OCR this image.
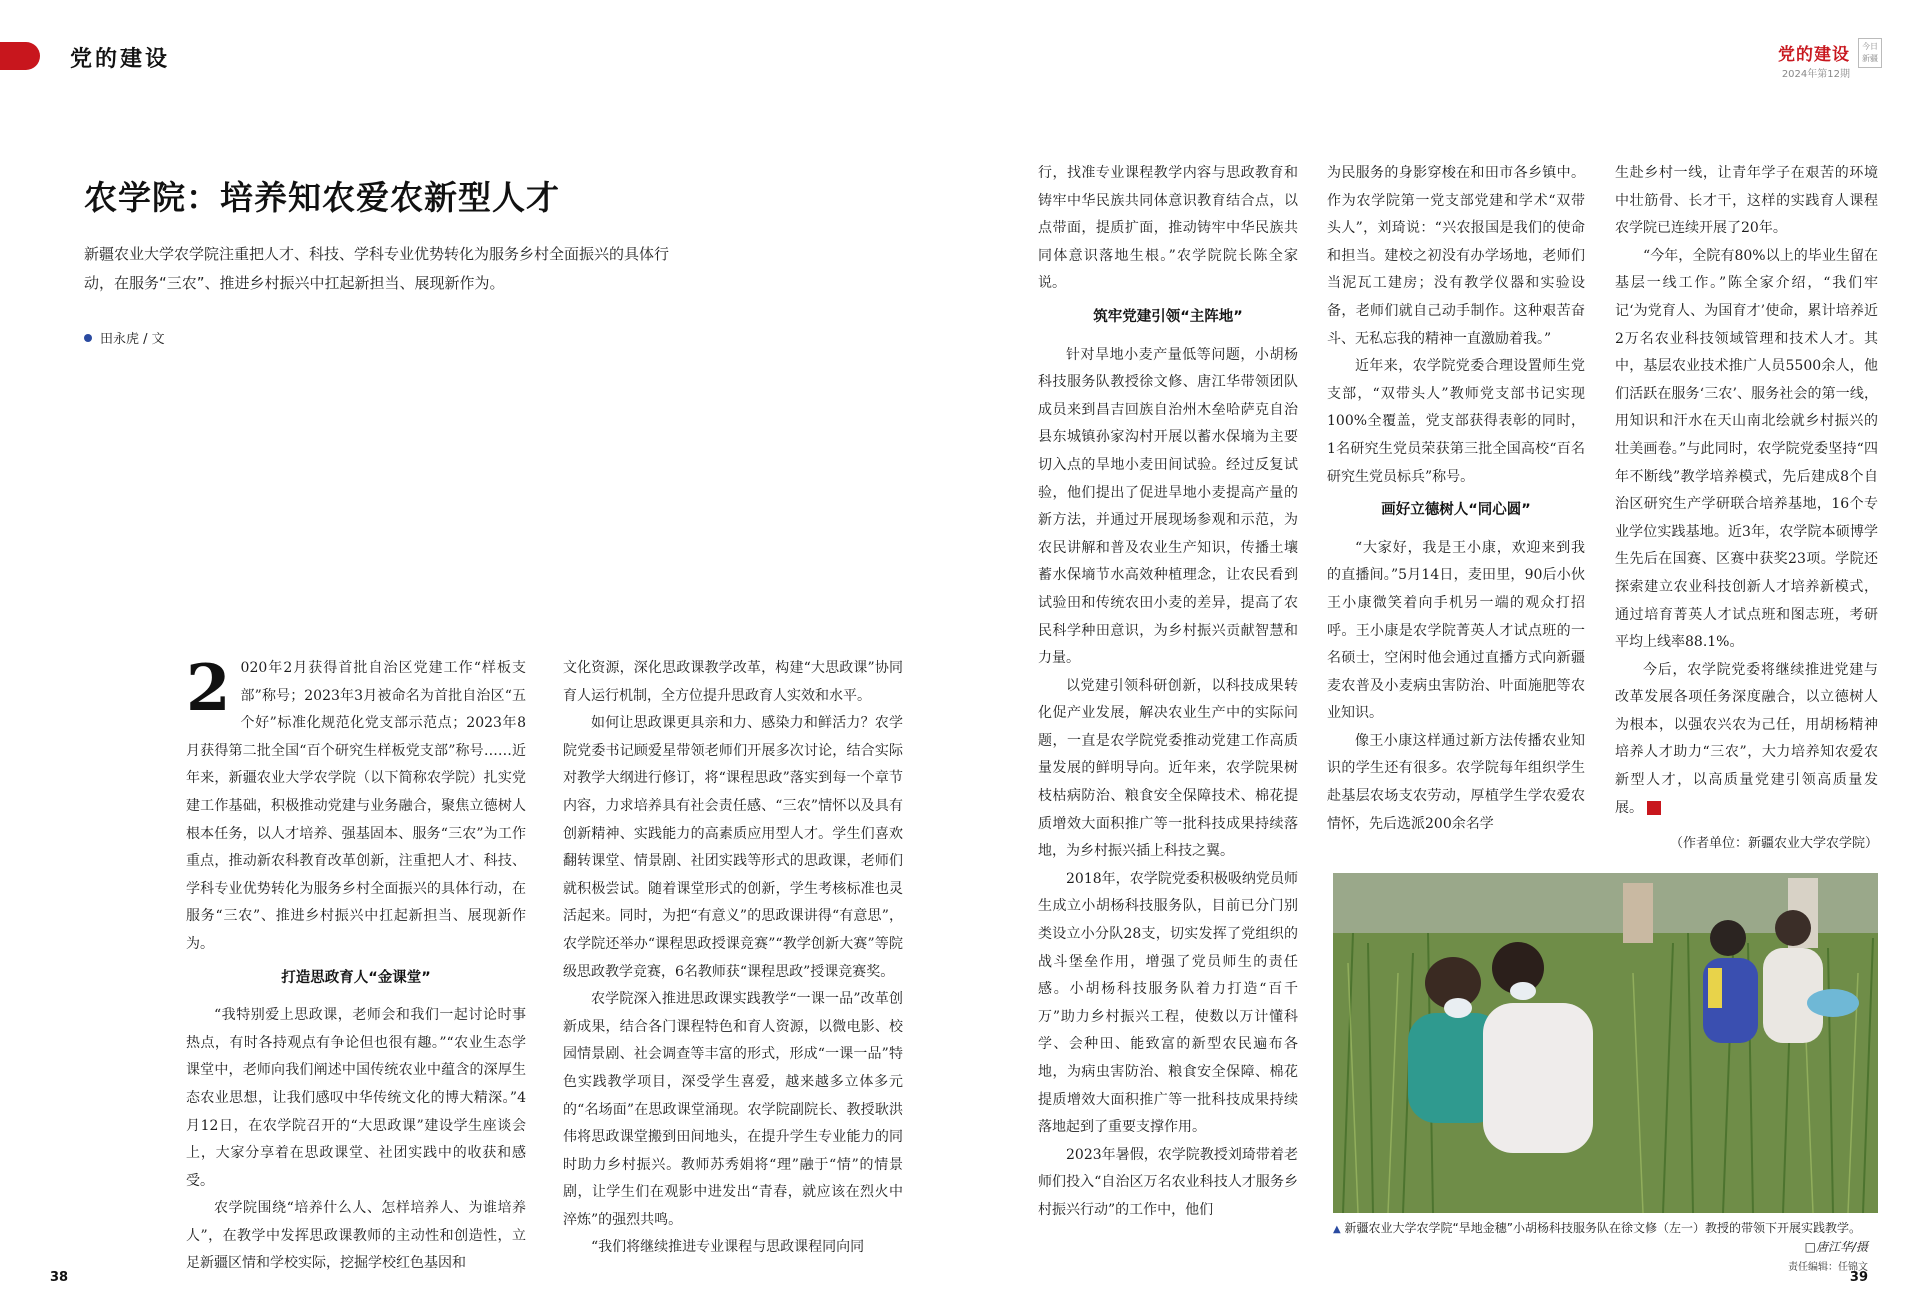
党的建设	党的建设
2024年第12期
今日新疆
农学院：培养知农爱农新型人才
新疆农业大学农学院注重把人才、科技、学科专业优势转化为服务乡村全面振兴的具体行动，在服务“三农”、推进乡村振兴中扛起新担当、展现新作为。
田永虎 / 文

2 020年2月获得首批自治区党建工作“样板支部”称号；2023年3月被命名为首批自治区“五个好”标准化规范化党支部示范点；2023年8月获得第二批全国“百个研究生样板党支部”称号……近年来，新疆农业大学农学院（以下简称农学院）扎实党建工作基础，积极推动党建与业务融合，聚焦立德树人根本任务，以人才培养、强基固本、服务“三农”为工作重点，推动新农科教育改革创新，注重把人才、科技、学科专业优势转化为服务乡村全面振兴的具体行动，在服务“三农”、推进乡村振兴中扛起新担当、展现新作为。

打造思政育人“金课堂”

“我特别爱上思政课，老师会和我们一起讨论时事热点，有时各持观点有争论但也很有趣。”“农业生态学课堂中，老师向我们阐述中国传统农业中蕴含的深厚生态农业思想，让我们感叹中华传统文化的博大精深。”4月12日，在农学院召开的“大思政课”建设学生座谈会上，大家分享着在思政课堂、社团实践中的收获和感受。

农学院围绕“培养什么人、怎样培养人、为谁培养人”，在教学中发挥思政课教师的主动性和创造性，立足新疆区情和学校实际，挖掘学校红色基因和

文化资源，深化思政课教学改革，构建“大思政课”协同育人运行机制，全方位提升思政育人实效和水平。

如何让思政课更具亲和力、感染力和鲜活力？农学院党委书记顾爱星带领老师们开展多次讨论，结合实际对教学大纲进行修订，将“课程思政”落实到每一个章节内容，力求培养具有社会责任感、“三农”情怀以及具有创新精神、实践能力的高素质应用型人才。学生们喜欢翻转课堂、情景剧、社团实践等形式的思政课，老师们就积极尝试。随着课堂形式的创新，学生考核标准也灵活起来。同时，为把“有意义”的思政课讲得“有意思”，农学院还举办“课程思政授课竞赛”“教学创新大赛”等院级思政教学竞赛，6名教师获“课程思政”授课竞赛奖。

农学院深入推进思政课实践教学“一课一品”改革创新成果，结合各门课程特色和育人资源，以微电影、校园情景剧、社会调查等丰富的形式，形成“一课一品”特色实践教学项目，深受学生喜爱，越来越多立体多元的“名场面”在思政课堂涌现。农学院副院长、教授耿洪伟将思政课堂搬到田间地头，在提升学生专业能力的同时助力乡村振兴。教师苏秀娟将“理”融于“情”的情景剧，让学生们在观影中进发出“青春，就应该在烈火中淬炼”的强烈共鸣。

“我们将继续推进专业课程与思政课程同向同

行，找准专业课程教学内容与思政教育和铸牢中华民族共同体意识教育结合点，以点带面，提质扩面，推动铸牢中华民族共同体意识落地生根。”农学院院长陈全家说。

筑牢党建引领“主阵地”

针对旱地小麦产量低等问题，小胡杨科技服务队教授徐文修、唐江华带领团队成员来到昌吉回族自治州木垒哈萨克自治县东城镇孙家沟村开展以蓄水保墒为主要切入点的旱地小麦田间试验。经过反复试验，他们提出了促进旱地小麦提高产量的新方法，并通过开展现场参观和示范，为农民讲解和普及农业生产知识，传播土壤蓄水保墒节水高效种植理念，让农民看到试验田和传统农田小麦的差异，提高了农民科学种田意识，为乡村振兴贡献智慧和力量。

以党建引领科研创新，以科技成果转化促产业发展，解决农业生产中的实际问题，一直是农学院党委推动党建工作高质量发展的鲜明导向。近年来，农学院果树枝枯病防治、粮食安全保障技术、棉花提质增效大面积推广等一批科技成果持续落地，为乡村振兴插上科技之翼。

2018年，农学院党委积极吸纳党员师生成立小胡杨科技服务队，目前已分门别类设立小分队28支，切实发挥了党组织的战斗堡垒作用，增强了党员师生的责任感。小胡杨科技服务队着力打造“百千万”助力乡村振兴工程，使数以万计懂科学、会种田、能致富的新型农民遍布各地，为病虫害防治、粮食安全保障、棉花提质增效大面积推广等一批科技成果持续落地起到了重要支撑作用。

2023年暑假，农学院教授刘琦带着老师们投入“自治区万名农业科技人才服务乡村振兴行动”的工作中，他们

为民服务的身影穿梭在和田市各乡镇中。作为农学院第一党支部党建和学术“双带头人”，刘琦说：“兴农报国是我们的使命和担当。建校之初没有办学场地，老师们当泥瓦工建房；没有教学仪器和实验设备，老师们就自己动手制作。这种艰苦奋斗、无私忘我的精神一直激励着我。”

近年来，农学院党委合理设置师生党支部，“双带头人”教师党支部书记实现100%全覆盖，党支部获得表彰的同时，1名研究生党员荣获第三批全国高校“百名研究生党员标兵”称号。

画好立德树人“同心圆”

“大家好，我是王小康，欢迎来到我的直播间。”5月14日，麦田里，90后小伙王小康微笑着向手机另一端的观众打招呼。王小康是农学院菁英人才试点班的一名硕士，空闲时他会通过直播方式向新疆麦农普及小麦病虫害防治、叶面施肥等农业知识。

像王小康这样通过新方法传播农业知识的学生还有很多。农学院每年组织学生赴基层农场支农劳动，厚植学生学农爱农情怀，先后选派200余名学

生赴乡村一线，让青年学子在艰苦的环境中壮筋骨、长才干，这样的实践育人课程农学院已连续开展了20年。

“今年，全院有80%以上的毕业生留在基层一线工作。”陈全家介绍，“我们牢记‘为党育人、为国育才’使命，累计培养近2万名农业科技领域管理和技术人才。其中，基层农业技术推广人员5500余人，他们活跃在服务‘三农’、服务社会的第一线，用知识和汗水在天山南北绘就乡村振兴的壮美画卷。”与此同时，农学院党委坚持“四年不断线”教学培养模式，先后建成8个自治区研究生产学研联合培养基地，16个专业学位实践基地。近3年，农学院本硕博学生先后在国赛、区赛中获奖23项。学院还探索建立农业科技创新人才培养新模式，通过培育菁英人才试点班和图志班，考研平均上线率88.1%。

今后，农学院党委将继续推进党建与改革发展各项任务深度融合，以立德树人为根本，以强农兴农为己任，用胡杨精神培养人才助力“三农”，大力培养知农爱农新型人才，以高质量党建引领高质量发展。	J

（作者单位：新疆农业大学农学院）
▲ 新疆农业大学农学院“旱地金穗”小胡杨科技服务队在徐文修（左一）教授的带领下开展实践教学。
□唐江华/摄
责任编辑：任锦文
38	39
